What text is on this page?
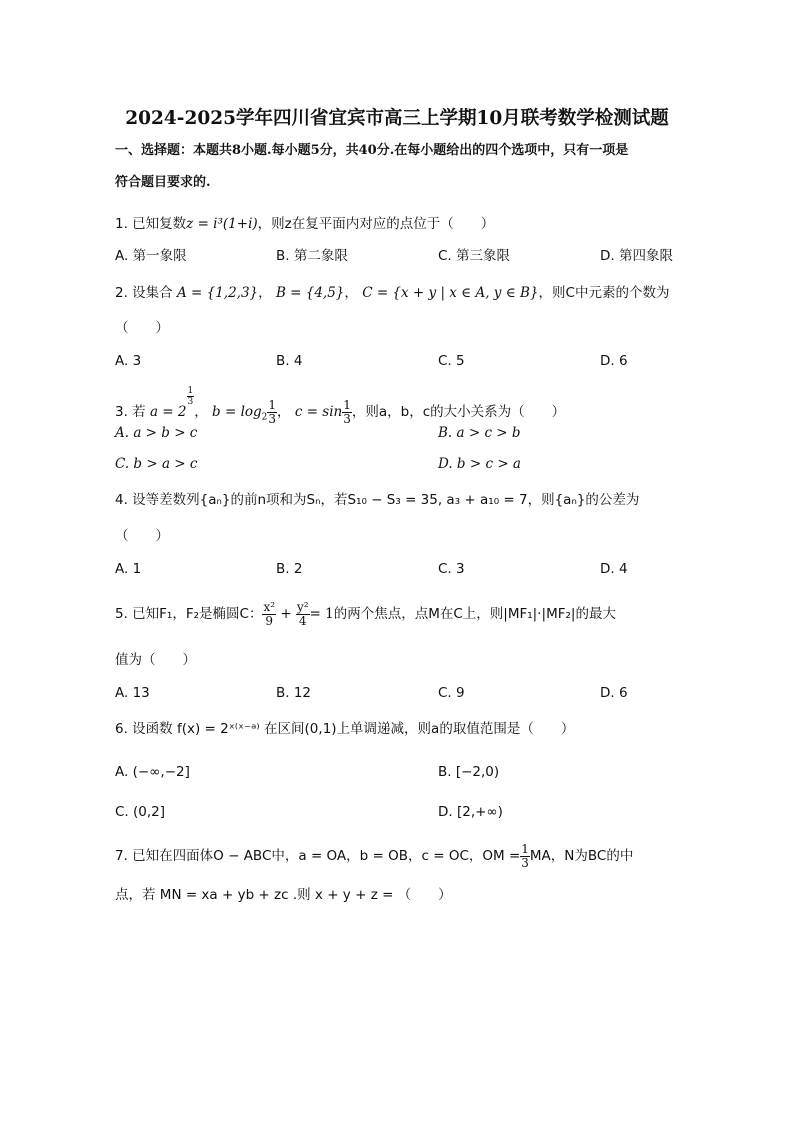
2024-2025学年四川省宜宾市高三上学期10月联考数学检测试题
一、选择题：本题共8小题.每小题5分，共40分.在每小题给出的四个选项中，只有一项是
符合题目要求的.
1. 已知复数z = i³(1+i)，则z在复平面内对应的点位于（　　）
A. 第一象限	B. 第二象限	C. 第三象限	D. 第四象限
2. 设集合 A = {1,2,3}， B = {4,5}， C = {x + y | x ∈ A, y ∈ B}，则C中元素的个数为
（　　）
A. 3	B. 4	C. 5	D. 6
3. 若 a = 2
$\frac{1}{3}$
， $b = \log_2 \frac{1}{3}$ ， $c = \sin \frac{1}{3}$ ，则a，b，c的大小关系为（　　）
A. a > b > c	B. a > c > b
C. b > a > c	D. b > c > a
4. 设等差数列{aₙ}的前n项和为Sₙ，若S₁₀ − S₃ = 35, a₃ + a₁₀ = 7，则{aₙ}的公差为
（　　）
A. 1	B. 2	C. 3	D. 4
5. 已知F₁，F₂是椭圆C： $\frac{\text{x²}}{9} + \frac{\text{y²}}{4} = 1$的两个焦点，点M在C上，则|MF₁|·|MF₂|的最大
值为（　　）
A. 13	B. 12	C. 9	D. 6
6. 设函数 f(x) = 2ˣ⁽ˣ⁻ᵃ⁾ 在区间(0,1)上单调递减，则a的取值范围是（　　）
A. (−∞,−2]	B. [−2,0)
C. (0,2]	D. [2,+∞)
7. 已知在四面体O − ABC中，a = OA，b = OB，c = OC，OM = $\frac{1}{3}$ MA，N为BC的中
点，若 MN = xa + yb + zc .则 x + y + z = （　　）
